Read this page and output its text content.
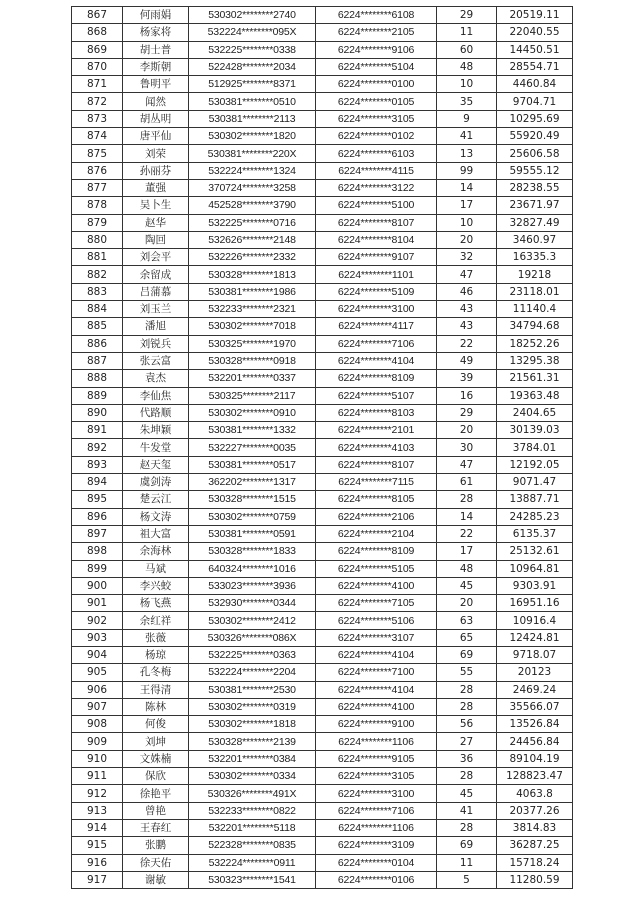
867	何雨娟	530302********2740	6224********6108	29	20519.11
868	杨家将	532224********095X	6224********2105	11	22040.55
869	胡士普	532225********0338	6224********9106	60	14450.51
870	李斯朝	522428********2034	6224********5104	48	28554.71
871	鲁明平	512925********8371	6224********0100	10	4460.84
872	闻然	530381********0510	6224********0105	35	9704.71
873	胡丛明	530381********2113	6224********3105	9	10295.69
874	唐平仙	530302********1820	6224********0102	41	55920.49
875	刘荣	530381********220X	6224********6103	13	25606.58
876	孙丽芬	532224********1324	6224********4115	99	59555.12
877	董强	370724********3258	6224********3122	14	28238.55
878	吴卜生	452528********3790	6224********5100	17	23671.97
879	赵华	532225********0716	6224********8107	10	32827.49
880	陶回	532626********2148	6224********8104	20	3460.97
881	刘会平	532226********2332	6224********9107	32	16335.3
882	余留成	530328********1813	6224********1101	47	19218
883	吕蒲慕	530381********1986	6224********5109	46	23118.01
884	刘玉兰	532233********2321	6224********3100	43	11140.4
885	潘旭	530302********7018	6224********4117	43	34794.68
886	刘锐兵	530325********1970	6224********7106	22	18252.26
887	张云富	530328********0918	6224********4104	49	13295.38
888	袁杰	532201********0337	6224********8109	39	21561.31
889	李仙焦	530325********2117	6224********5107	16	19363.48
890	代路顺	530302********0910	6224********8103	29	2404.65
891	朱坤颖	530381********1332	6224********2101	20	30139.03
892	牛发堂	532227********0035	6224********4103	30	3784.01
893	赵天玺	530381********0517	6224********8107	47	12192.05
894	虞剑涛	362202********1317	6224********7115	61	9071.47
895	楚云江	530328********1515	6224********8105	28	13887.71
896	杨文涛	530302********0759	6224********2106	14	24285.23
897	祖大富	530381********0591	6224********2104	22	6135.37
898	余海林	530328********1833	6224********8109	17	25132.61
899	马斌	640324********1016	6224********5105	48	10964.81
900	李兴蛟	533023********3936	6224********4100	45	9303.91
901	杨飞燕	532930********0344	6224********7105	20	16951.16
902	余红祥	530302********2412	6224********5106	63	10916.4
903	张薇	530326********086X	6224********3107	65	12424.81
904	杨琼	532225********0363	6224********4104	69	9718.07
905	孔冬梅	532224********2204	6224********7100	55	20123
906	王得清	530381********2530	6224********4104	28	2469.24
907	陈林	530302********0319	6224********4100	28	35566.07
908	何俊	530302********1818	6224********9100	56	13526.84
909	刘坤	530328********2139	6224********1106	27	24456.84
910	文姝楠	532201********0384	6224********9105	36	89104.19
911	保欣	530302********0334	6224********3105	28	128823.47
912	徐艳平	530326********491X	6224********3100	45	4063.8
913	曾艳	532233********0822	6224********7106	41	20377.26
914	王春红	532201********5118	6224********1106	28	3814.83
915	张鹏	522328********0835	6224********3109	69	36287.25
916	徐天佑	532224********0911	6224********0104	11	15718.24
917	谢敏	530323********1541	6224********0106	5	11280.59
